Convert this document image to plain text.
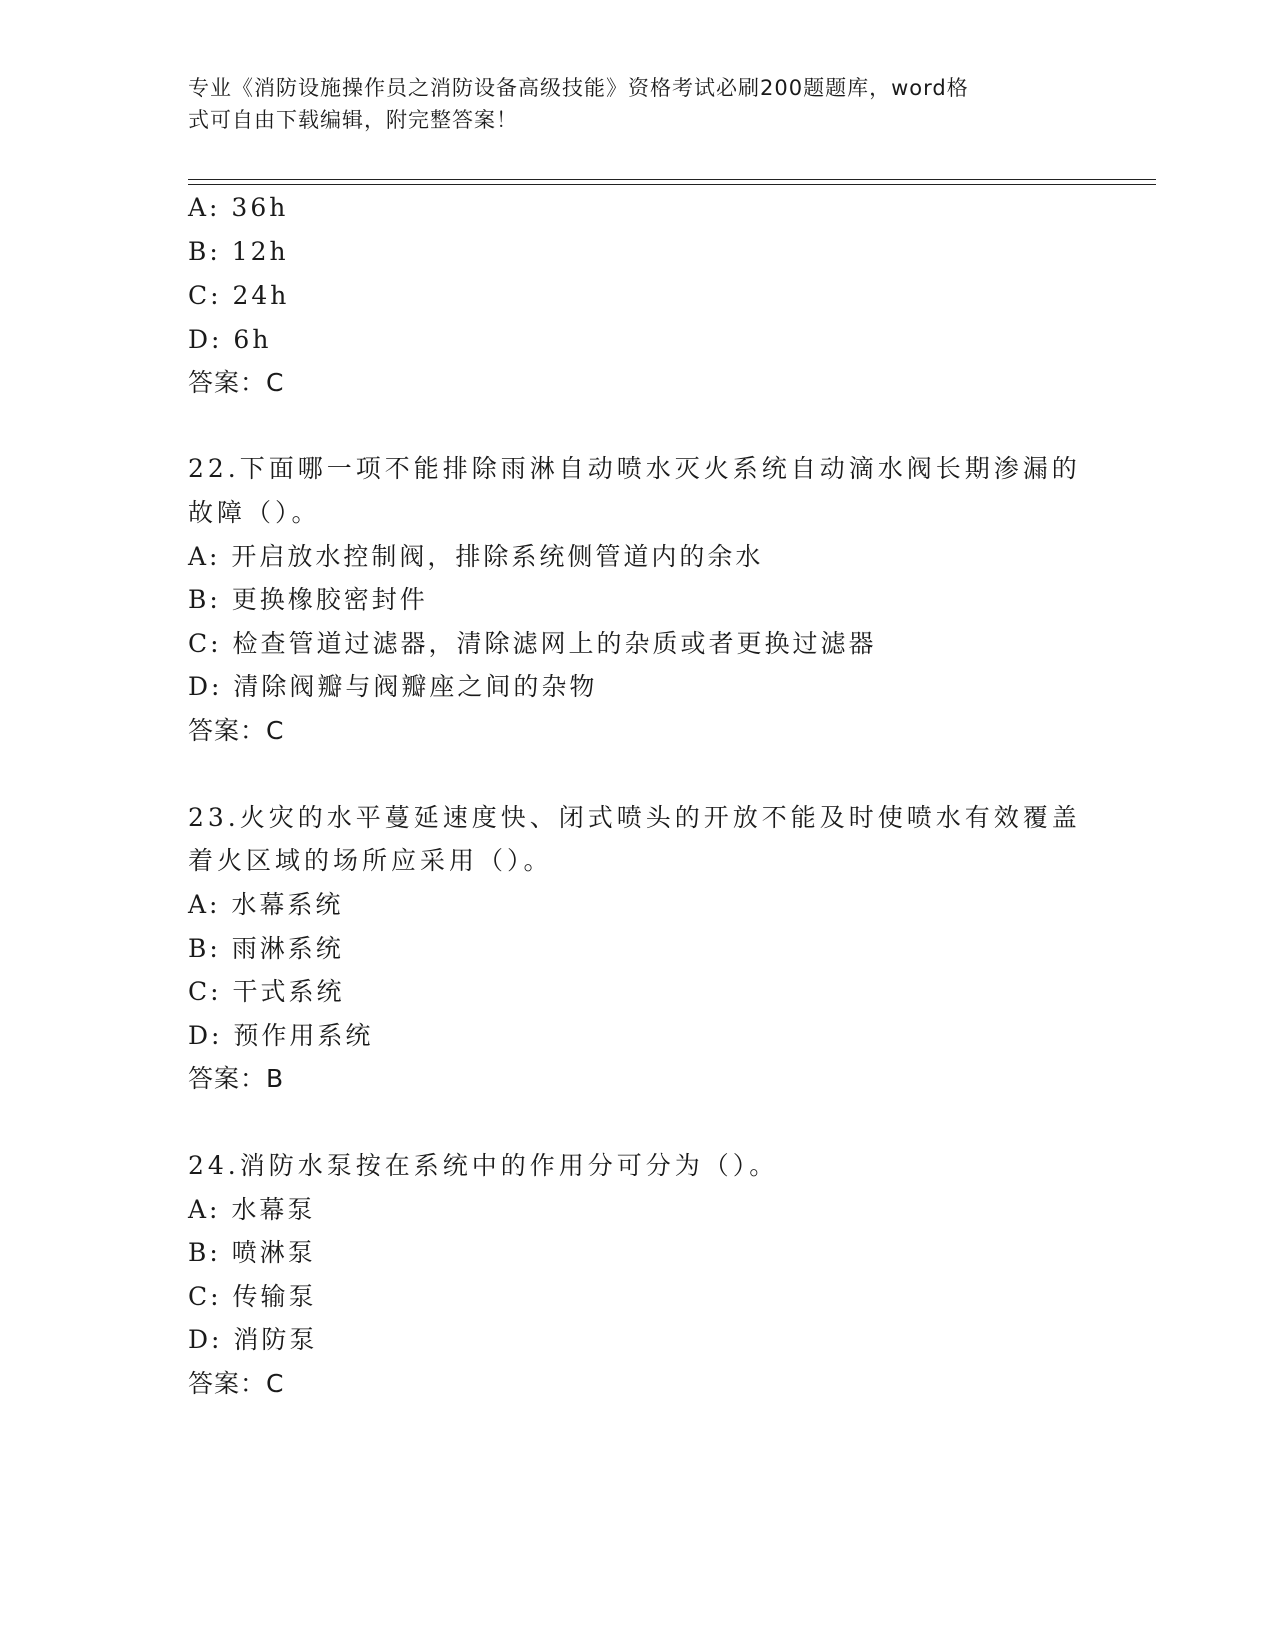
专业《消防设施操作员之消防设备高级技能》资格考试必刷200题题库，word格
式可自由下载编辑，附完整答案！
A: 36h
B: 12h
C: 24h
D: 6h
答案：C
22.下面哪一项不能排除雨淋自动喷水灭火系统自动滴水阀长期渗漏的
故障（）。
A: 开启放水控制阀，排除系统侧管道内的余水
B: 更换橡胶密封件
C: 检查管道过滤器，清除滤网上的杂质或者更换过滤器
D: 清除阀瓣与阀瓣座之间的杂物
答案：C
23.火灾的水平蔓延速度快、闭式喷头的开放不能及时使喷水有效覆盖
着火区域的场所应采用（）。
A: 水幕系统
B: 雨淋系统
C: 干式系统
D: 预作用系统
答案：B
24.消防水泵按在系统中的作用分可分为（）。
A: 水幕泵
B: 喷淋泵
C: 传输泵
D: 消防泵
答案：C
